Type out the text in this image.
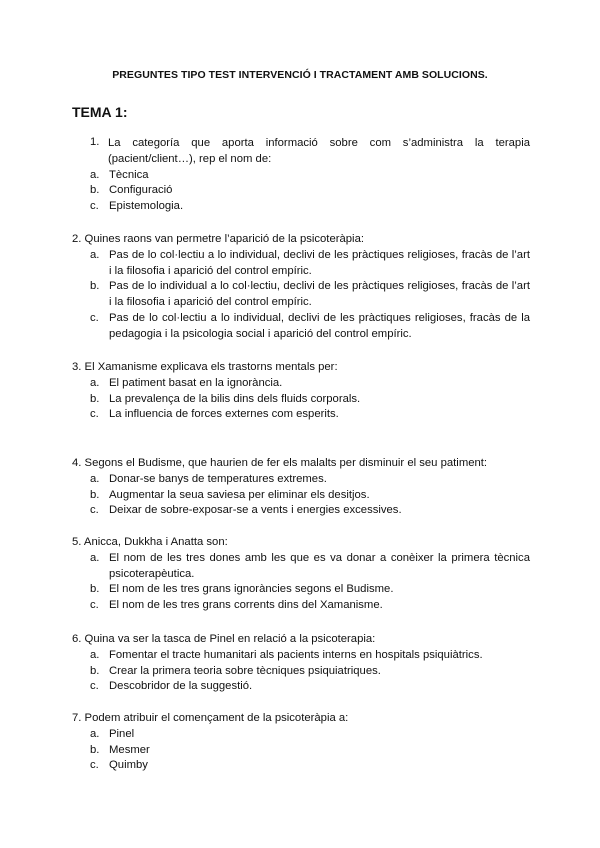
PREGUNTES TIPO TEST INTERVENCIÓ I TRACTAMENT AMB SOLUCIONS.
TEMA 1:
1. La categoría que aporta informació sobre com s’administra la terapia (pacient/client…), rep el nom de:
a. Tècnica
b. Configuració
c. Epistemologia.
2. Quines raons van permetre l’aparició de la psicoteràpia:
a. Pas de lo col·lectiu a lo individual, declivi de les pràctiques religioses, fracàs de l’art i la filosofia i aparició del control empíric.
b. Pas de lo individual a lo col·lectiu, declivi de les pràctiques religioses, fracàs de l’art i la filosofia i aparició del control empíric.
c. Pas de lo col·lectiu a lo individual, declivi de les pràctiques religioses, fracàs de la pedagogia i la psicologia social i aparició del control empíric.
3. El Xamanisme explicava els trastorns mentals per:
a. El patiment basat en la ignorància.
b. La prevalença de la bilis dins dels fluids corporals.
c. La influencia de forces externes com esperits.
4. Segons el Budisme, que haurien de fer els malalts per disminuir el seu patiment:
a. Donar-se banys de temperatures extremes.
b. Augmentar la seua saviesa per eliminar els desitjos.
c. Deixar de sobre-exposar-se a vents i energies excessives.
5. Anicca, Dukkha i Anatta son:
a. El nom de les tres dones amb les que es va donar a conèixer la primera tècnica psicoterapèutica.
b. El nom de les tres grans ignoràncies segons el Budisme.
c. El nom de les tres grans corrents dins del Xamanisme.
6. Quina va ser la tasca de Pinel en relació a la psicoterapia:
a. Fomentar el tracte humanitari als pacients interns en hospitals psiquiàtrics.
b. Crear la primera teoria sobre tècniques psiquiatriques.
c. Descobridor de la suggestió.
7. Podem atribuir el començament de la psicoteràpia a:
a. Pinel
b. Mesmer
c. Quimby
